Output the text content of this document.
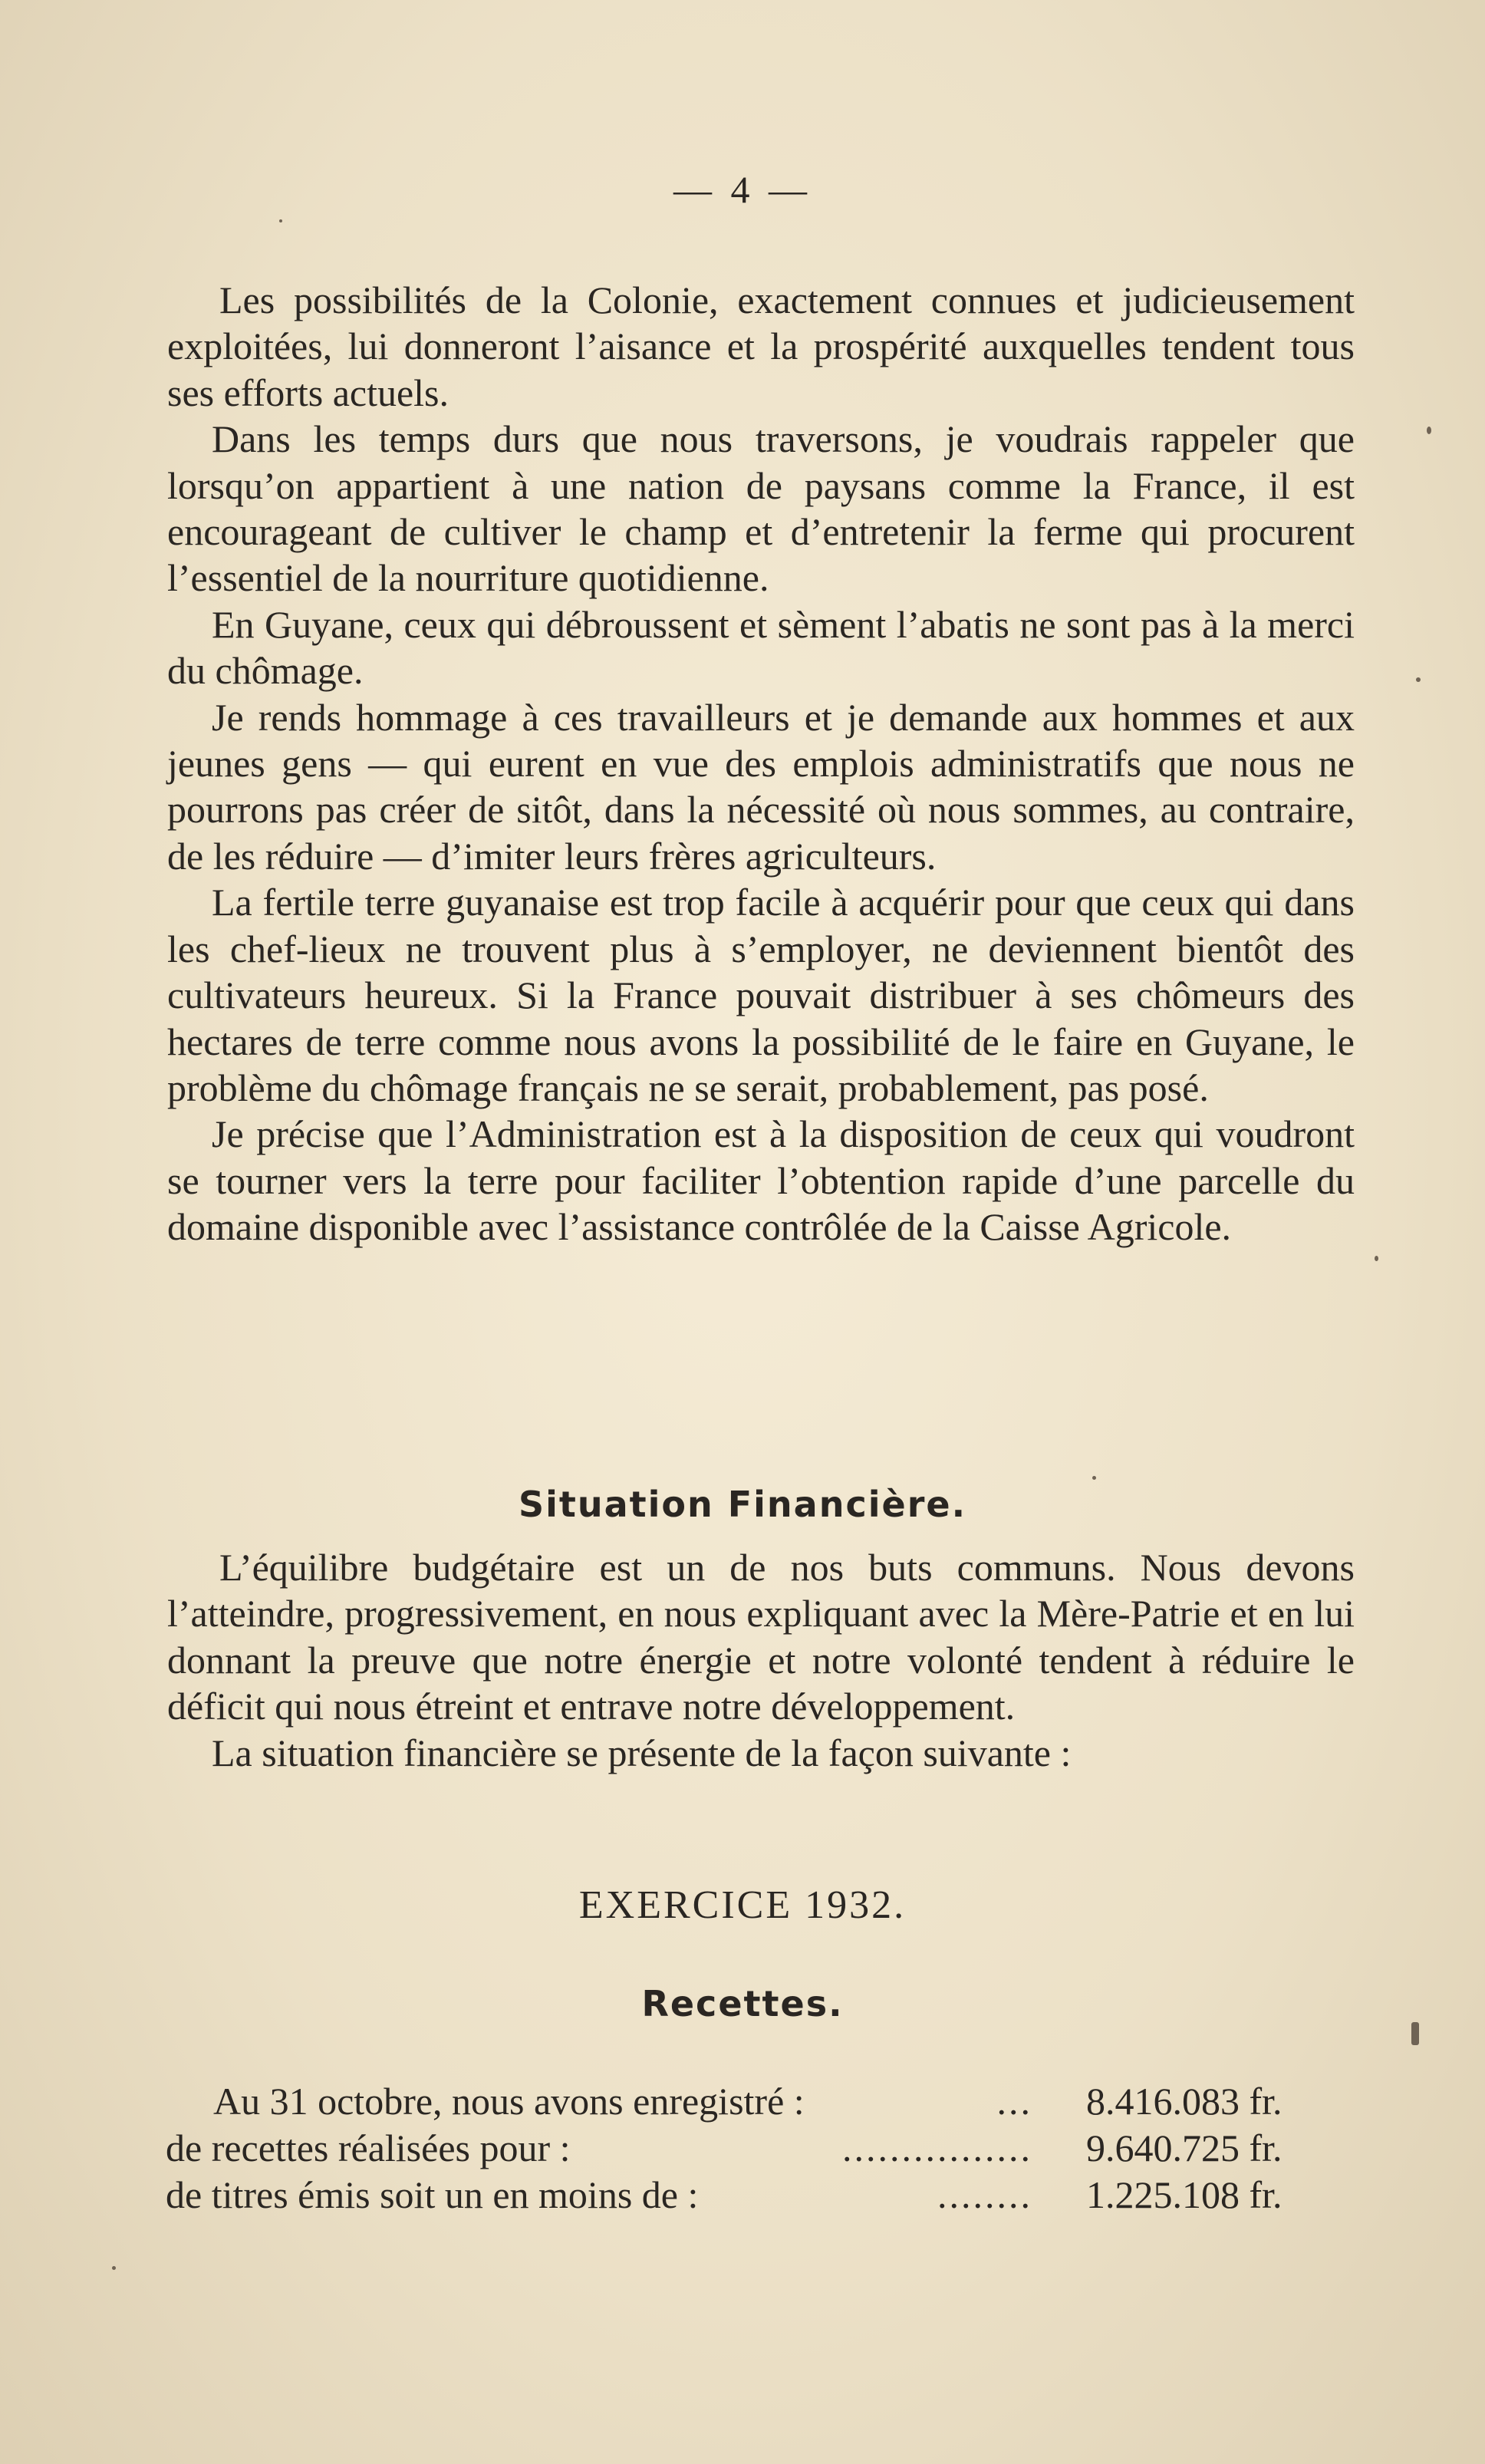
— 4 —

Les possibilités de la Colonie, exactement connues et judicieusement exploitées, lui donneront l’aisance et la prospérité auxquelles tendent tous ses efforts actuels.

Dans les temps durs que nous traversons, je voudrais rappeler que lorsqu’on appartient à une nation de paysans comme la France, il est encourageant de cultiver le champ et d’entretenir la ferme qui procurent l’essentiel de la nourriture quotidienne.

En Guyane, ceux qui débroussent et sèment l’abatis ne sont pas à la merci du chômage.

Je rends hommage à ces travailleurs et je demande aux hommes et aux jeunes gens — qui eurent en vue des emplois administratifs que nous ne pourrons pas créer de sitôt, dans la nécessité où nous sommes, au contraire, de les réduire — d’imiter leurs frères agriculteurs.

La fertile terre guyanaise est trop facile à acquérir pour que ceux qui dans les chef-lieux ne trouvent plus à s’employer, ne deviennent bientôt des cultivateurs heureux. Si la France pouvait distribuer à ses chômeurs des hectares de terre comme nous avons la possibilité de le faire en Guyane, le problème du chômage français ne se serait, probablement, pas posé.

Je précise que l’Administration est à la disposition de ceux qui voudront se tourner vers la terre pour faciliter l’obtention rapide d’une parcelle du domaine disponible avec l’assistance contrôlée de la Caisse Agricole.

Situation Financière.

L’équilibre budgétaire est un de nos buts communs. Nous devons l’atteindre, progressivement, en nous expliquant avec la Mère-Patrie et en lui donnant la preuve que notre énergie et notre volonté tendent à réduire le déficit qui nous étreint et entrave notre développement.

La situation financière se présente de la façon suivante :

EXERCICE 1932.
Recettes.
Au 31 octobre, nous avons enregistré :	... 8.416.083 fr.
de recettes réalisées pour :	................ 9.640.725 fr.
de titres émis soit un en moins de :	........ 1.225.108 fr.
